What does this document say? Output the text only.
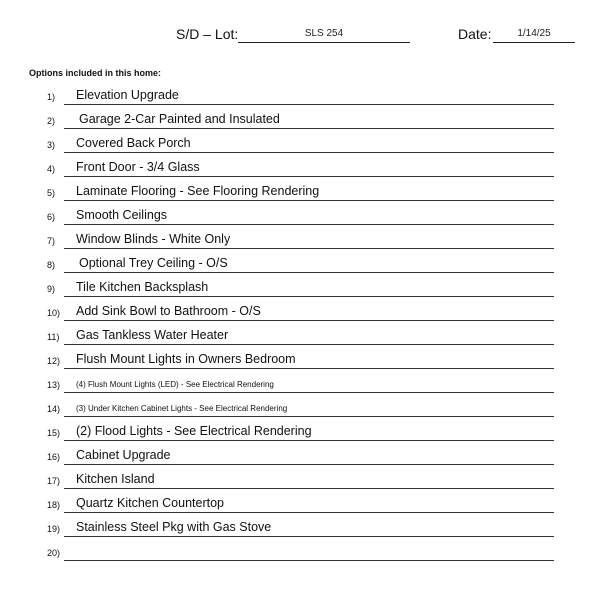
S/D – Lot:	SLS 254	Date:	1/14/25
Options included in this home:
1) Elevation Upgrade
2) Garage 2-Car Painted and Insulated
3) Covered Back Porch
4) Front Door - 3/4 Glass
5) Laminate Flooring - See Flooring Rendering
6) Smooth Ceilings
7) Window Blinds - White Only
8) Optional Trey Ceiling - O/S
9) Tile Kitchen Backsplash
10) Add Sink Bowl to Bathroom - O/S
11) Gas Tankless Water Heater
12) Flush Mount Lights in Owners Bedroom
13) (4) Flush Mount Lights (LED) - See Electrical Rendering
14) (3) Under Kitchen Cabinet Lights - See Electrical Rendering
15) (2) Flood Lights - See Electrical Rendering
16) Cabinet Upgrade
17) Kitchen Island
18) Quartz Kitchen Countertop
19) Stainless Steel Pkg with Gas Stove
20)
